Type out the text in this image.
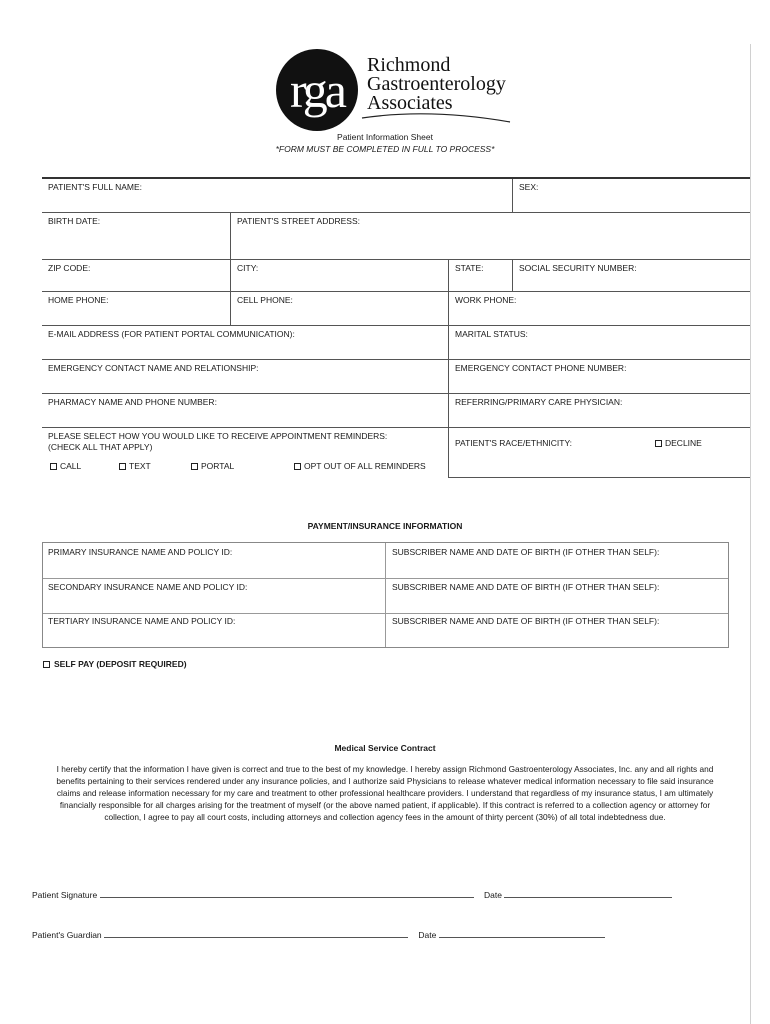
rga Richmond
Gastroenterology
Associates
Patient Information Sheet
*FORM MUST BE COMPLETED IN FULL TO PROCESS*
PATIENT'S FULL NAME:	SEX:
BIRTH DATE:	PATIENT'S STREET ADDRESS:
ZIP CODE:	CITY:	STATE:	SOCIAL SECURITY NUMBER:
HOME PHONE:	CELL PHONE:	WORK PHONE:
E-MAIL ADDRESS (FOR PATIENT PORTAL COMMUNICATION):	MARITAL STATUS:
EMERGENCY CONTACT NAME AND RELATIONSHIP:	EMERGENCY CONTACT PHONE NUMBER:
PHARMACY NAME AND PHONE NUMBER:	REFERRING/PRIMARY CARE PHYSICIAN:
PLEASE SELECT HOW YOU WOULD LIKE TO RECEIVE APPOINTMENT REMINDERS:
(CHECK ALL THAT APPLY)
CALL	TEXT	PORTAL	OPT OUT OF ALL REMINDERS
PATIENT'S RACE/ETHNICITY:	DECLINE
PAYMENT/INSURANCE INFORMATION
PRIMARY INSURANCE NAME AND POLICY ID:	SUBSCRIBER NAME AND DATE OF BIRTH (IF OTHER THAN SELF):
SECONDARY INSURANCE NAME AND POLICY ID:	SUBSCRIBER NAME AND DATE OF BIRTH (IF OTHER THAN SELF):
TERTIARY INSURANCE NAME AND POLICY ID:	SUBSCRIBER NAME AND DATE OF BIRTH (IF OTHER THAN SELF):
SELF PAY (DEPOSIT REQUIRED)
Medical Service Contract
I hereby certify that the information I have given is correct and true to the best of my knowledge. I hereby assign Richmond Gastroenterology Associates, Inc. any and all rights and
benefits pertaining to their services rendered under any insurance policies, and I authorize said Physicians to release whatever medical information necessary to file said insurance
claims and release information necessary for my care and treatment to other professional healthcare providers. I understand that regardless of my insurance status, I am ultimately
financially responsible for all charges arising for the treatment of myself (or the above named patient, if applicable). If this contract is referred to a collection agency or attorney for
collection, I agree to pay all court costs, including attorneys and collection agency fees in the amount of thirty percent (30%) of all total indebtedness due.
Patient Signature	Date
Patient's Guardian	Date
